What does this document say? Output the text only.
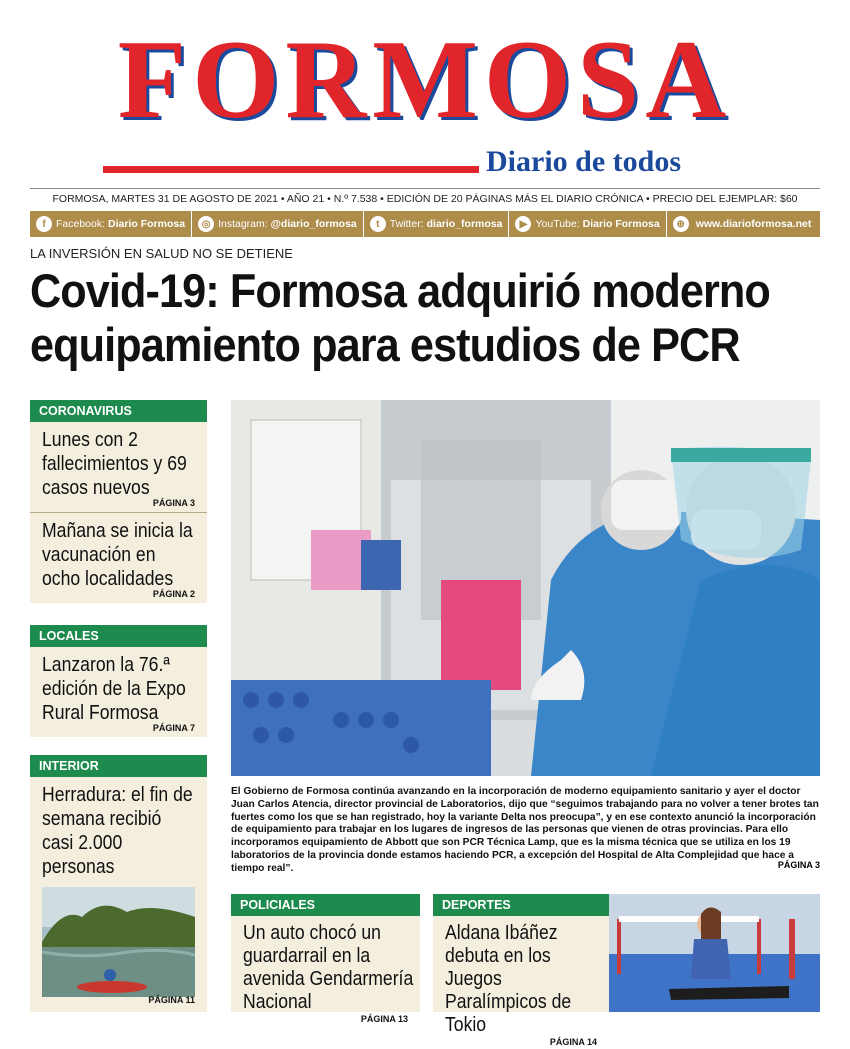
FORMOSA
Diario de todos
FORMOSA, MARTES 31 DE AGOSTO DE 2021 • AÑO 21 • N.º 7.538 • EDICIÓN DE 20 PÁGINAS MÁS EL DIARIO CRÓNICA • PRECIO DEL EJEMPLAR: $60
f Facebook: Diario Formosa	◎ Instagram: @diario_formosa	t Twitter: diario_formosa	▶ YouTube: Diario Formosa	⊕	www.diarioformosa.net
LA INVERSIÓN EN SALUD NO SE DETIENE
Covid-19: Formosa adquirió moderno
equipamiento para estudios de PCR
CORONAVIRUS
Lunes con 2 fallecimientos y 69 casos nuevos
PÁGINA 3
Mañana se inicia la vacunación en ocho localidades
PÁGINA 2
LOCALES
Lanzaron la 76.ª edición de la Expo Rural Formosa
PÁGINA 7
INTERIOR
Herradura: el fin de semana recibió casi 2.000 personas
PÁGINA 11
El Gobierno de Formosa continúa avanzando en la incorporación de moderno equipamiento sanitario y ayer el doctor Juan Carlos Atencia, director provincial de Laboratorios, dijo que “seguimos trabajando para no volver a tener brotes tan fuertes como los que se han registrado, hoy la variante Delta nos preocupa”, y en ese contexto anunció la incorporación de equipamiento para trabajar en los lugares de ingresos de las personas que vienen de otras provincias. Para ello incorporamos equipamiento de Abbott que son PCR Técnica Lamp, que es la misma técnica que se utiliza en los 19 laboratorios de la provincia donde estamos haciendo PCR, a excepción del Hospital de Alta Complejidad que hace a tiempo real”.	PÁGINA 3
POLICIALES
Un auto chocó un guardarrail en la avenida Gendarmería Nacional
PÁGINA 13
DEPORTES
Aldana Ibáñez debuta en los Juegos Paralímpicos de Tokio
PÁGINA 14
